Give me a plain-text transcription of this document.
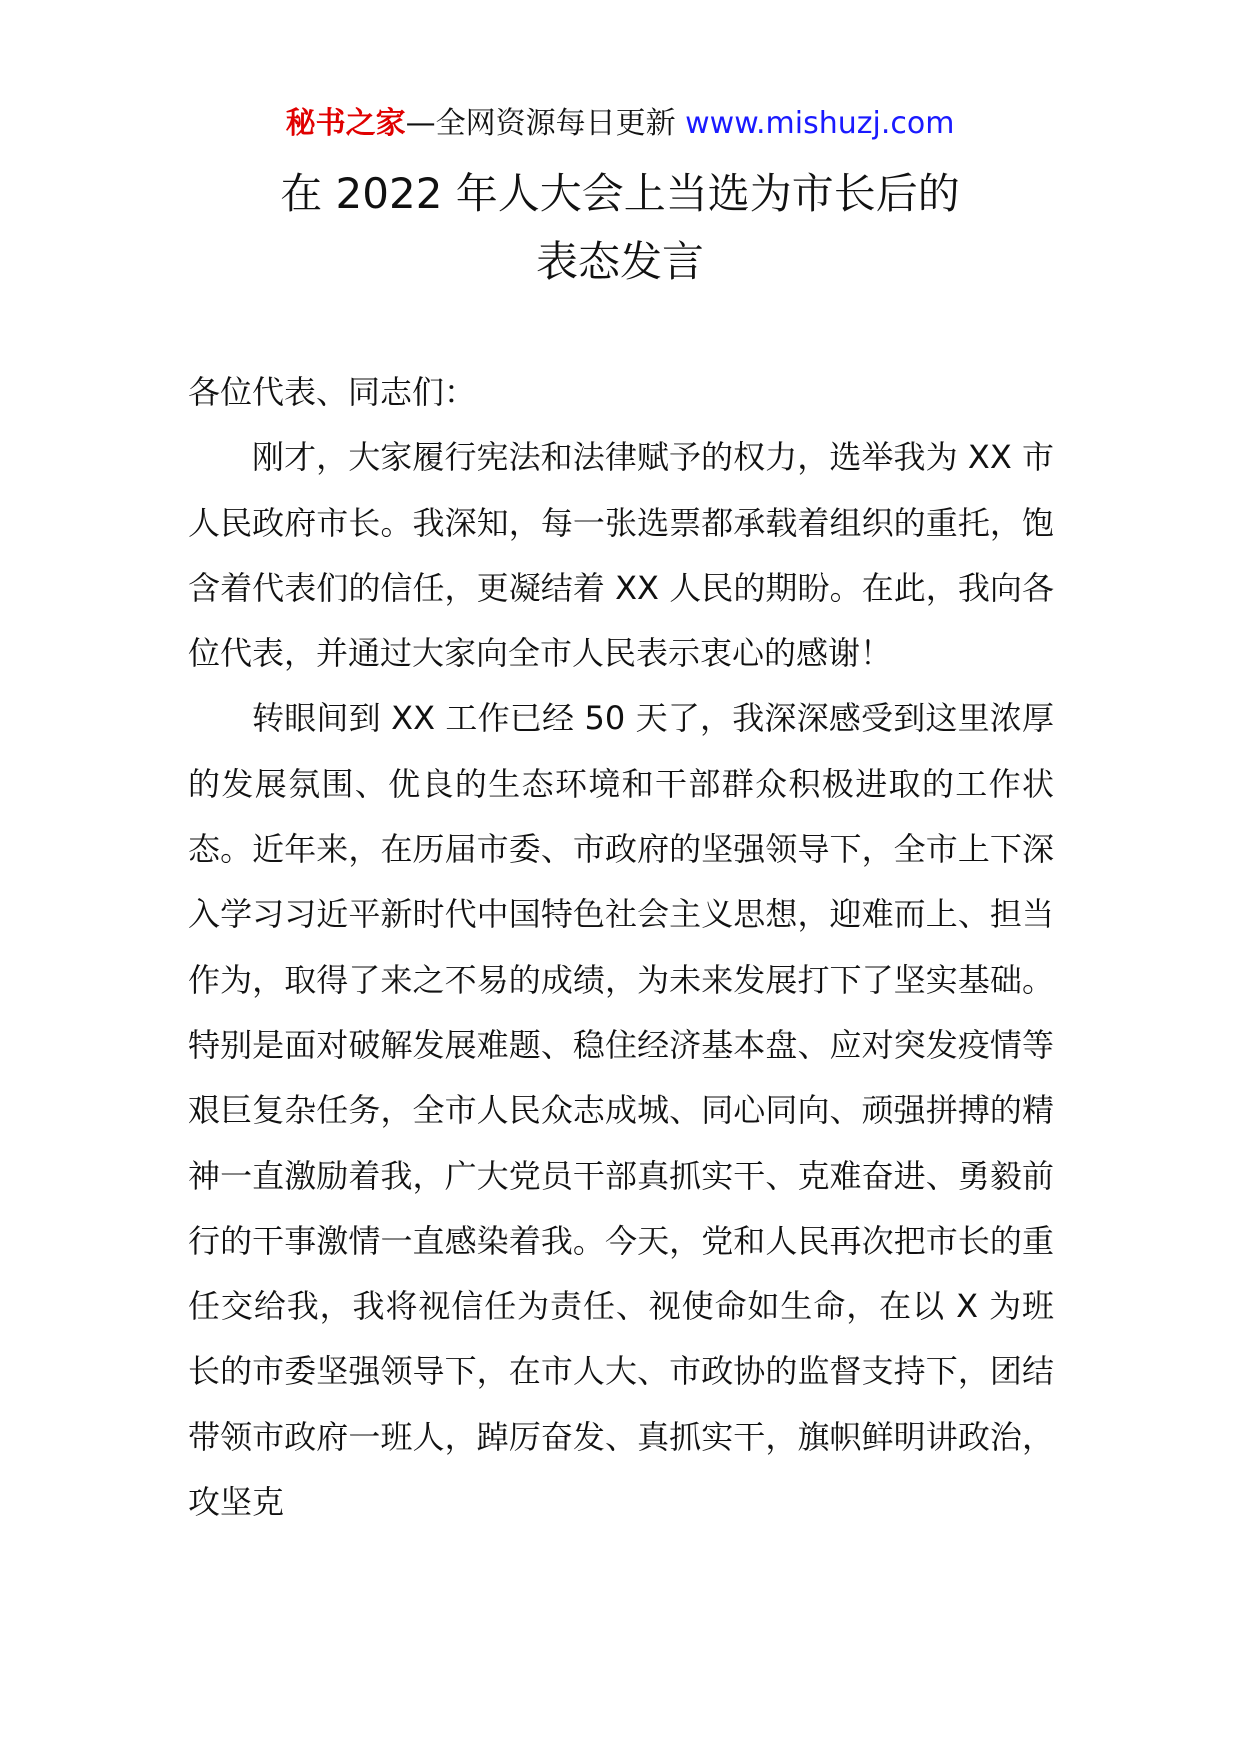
秘书之家—全网资源每日更新 www.mishuzj.com
在 2022 年人大会上当选为市长后的
表态发言

各位代表、同志们：

刚才，大家履行宪法和法律赋予的权力，选举我为 XX 市人民政府市长。我深知，每一张选票都承载着组织的重托，饱含着代表们的信任，更凝结着 XX 人民的期盼。在此，我向各位代表，并通过大家向全市人民表示衷心的感谢！

转眼间到 XX 工作已经 50 天了，我深深感受到这里浓厚的发展氛围、优良的生态环境和干部群众积极进取的工作状态。近年来，在历届市委、市政府的坚强领导下，全市上下深入学习习近平新时代中国特色社会主义思想，迎难而上、担当作为，取得了来之不易的成绩，为未来发展打下了坚实基础。特别是面对破解发展难题、稳住经济基本盘、应对突发疫情等艰巨复杂任务，全市人民众志成城、同心同向、顽强拼搏的精神一直激励着我，广大党员干部真抓实干、克难奋进、勇毅前行的干事激情一直感染着我。今天，党和人民再次把市长的重任交给我，我将视信任为责任、视使命如生命，在以 X 为班长的市委坚强领导下，在市人大、市政协的监督支持下，团结带领市政府一班人，踔厉奋发、真抓实干，旗帜鲜明讲政治，攻坚克
